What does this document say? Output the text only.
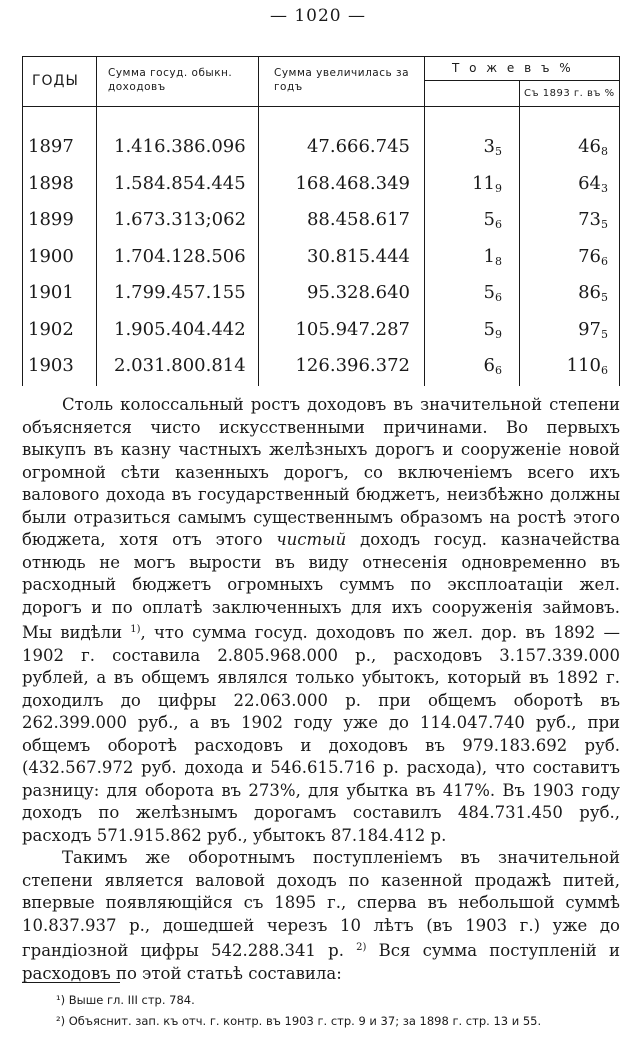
— 1020 —
ГОДЫ	Сумма госуд. обыкн. доходовъ
Сумма увеличилась за годъ
Т о ж е в ъ %
Съ 1893 г. въ %
1897 1.416.386.096	47.666.745	$3_5$	$46_8$
1898 1.584.854.445	168.468.349	$11_9$	$64_3$
1899 1.673.313;062	88.458.617	$5_6$	$73_5$
1900 1.704.128.506	30.815.444	$1_8$	$76_6$
1901 1.799.457.155	95.328.640	$5_6$	$86_5$
1902 1.905.404.442	105.947.287	$5_9$	$97_5$
1903 2.031.800.814	126.396.372	$6_6$	$110_6$

Столь колоссальный ростъ доходовъ въ значительной степени объясняется чисто искусственными причинами. Во первыхъ выкупъ въ казну частныхъ желѣзныхъ дорогъ и сооруженіе новой огромной сѣти казенныхъ дорогъ, со включеніемъ всего ихъ валового дохода въ государственный бюджетъ, неизбѣжно должны были отразиться самымъ существеннымъ образомъ на ростѣ этого бюджета, хотя отъ этого чистый доходъ госуд. казначейства отнюдь не могъ вырости въ виду отнесенія одновременно въ расходный бюджетъ огромныхъ суммъ по эксплоатаціи жел. дорогъ и по оплатѣ заключенныхъ для ихъ сооруженія займовъ. Мы видѣли $^{1)}$, что сумма госуд. доходовъ по жел. дор. въ 1892 — 1902 г. составила 2.805.968.000 р., расходовъ 3.157.339.000 рублей, а въ общемъ являлся только убытокъ, который въ 1892 г. доходилъ до цифры 22.063.000 р. при общемъ оборотѣ въ 262.399.000 руб., а въ 1902 году уже до 114.047.740 руб., при общемъ оборотѣ расходовъ и доходовъ въ 979.183.692 руб. (432.567.972 руб. дохода и 546.615.716 р. расхода), что составитъ разницу: для оборота въ 273%, для убытка въ 417%. Въ 1903 году доходъ по желѣзнымъ дорогамъ составилъ 484.731.450 руб., расходъ 571.915.862 руб., убытокъ 87.184.412 р.

Такимъ же оборотнымъ поступленіемъ въ значительной степени является валовой доходъ по казенной продажѣ питей, впервые появляющійся съ 1895 г., сперва въ небольшой суммѣ 10.837.937 р., дошедшей черезъ 10 лѣтъ (въ 1903 г.) уже до грандіозной цифры 542.288.341 р. $^{2)}$ Вся сумма поступленій и расходовъ по этой статьѣ составила:

¹) Выше гл. III стр. 784.
²) Объяснит. зап. къ отч. г. контр. въ 1903 г. стр. 9 и 37; за 1898 г. стр. 13 и 55.
